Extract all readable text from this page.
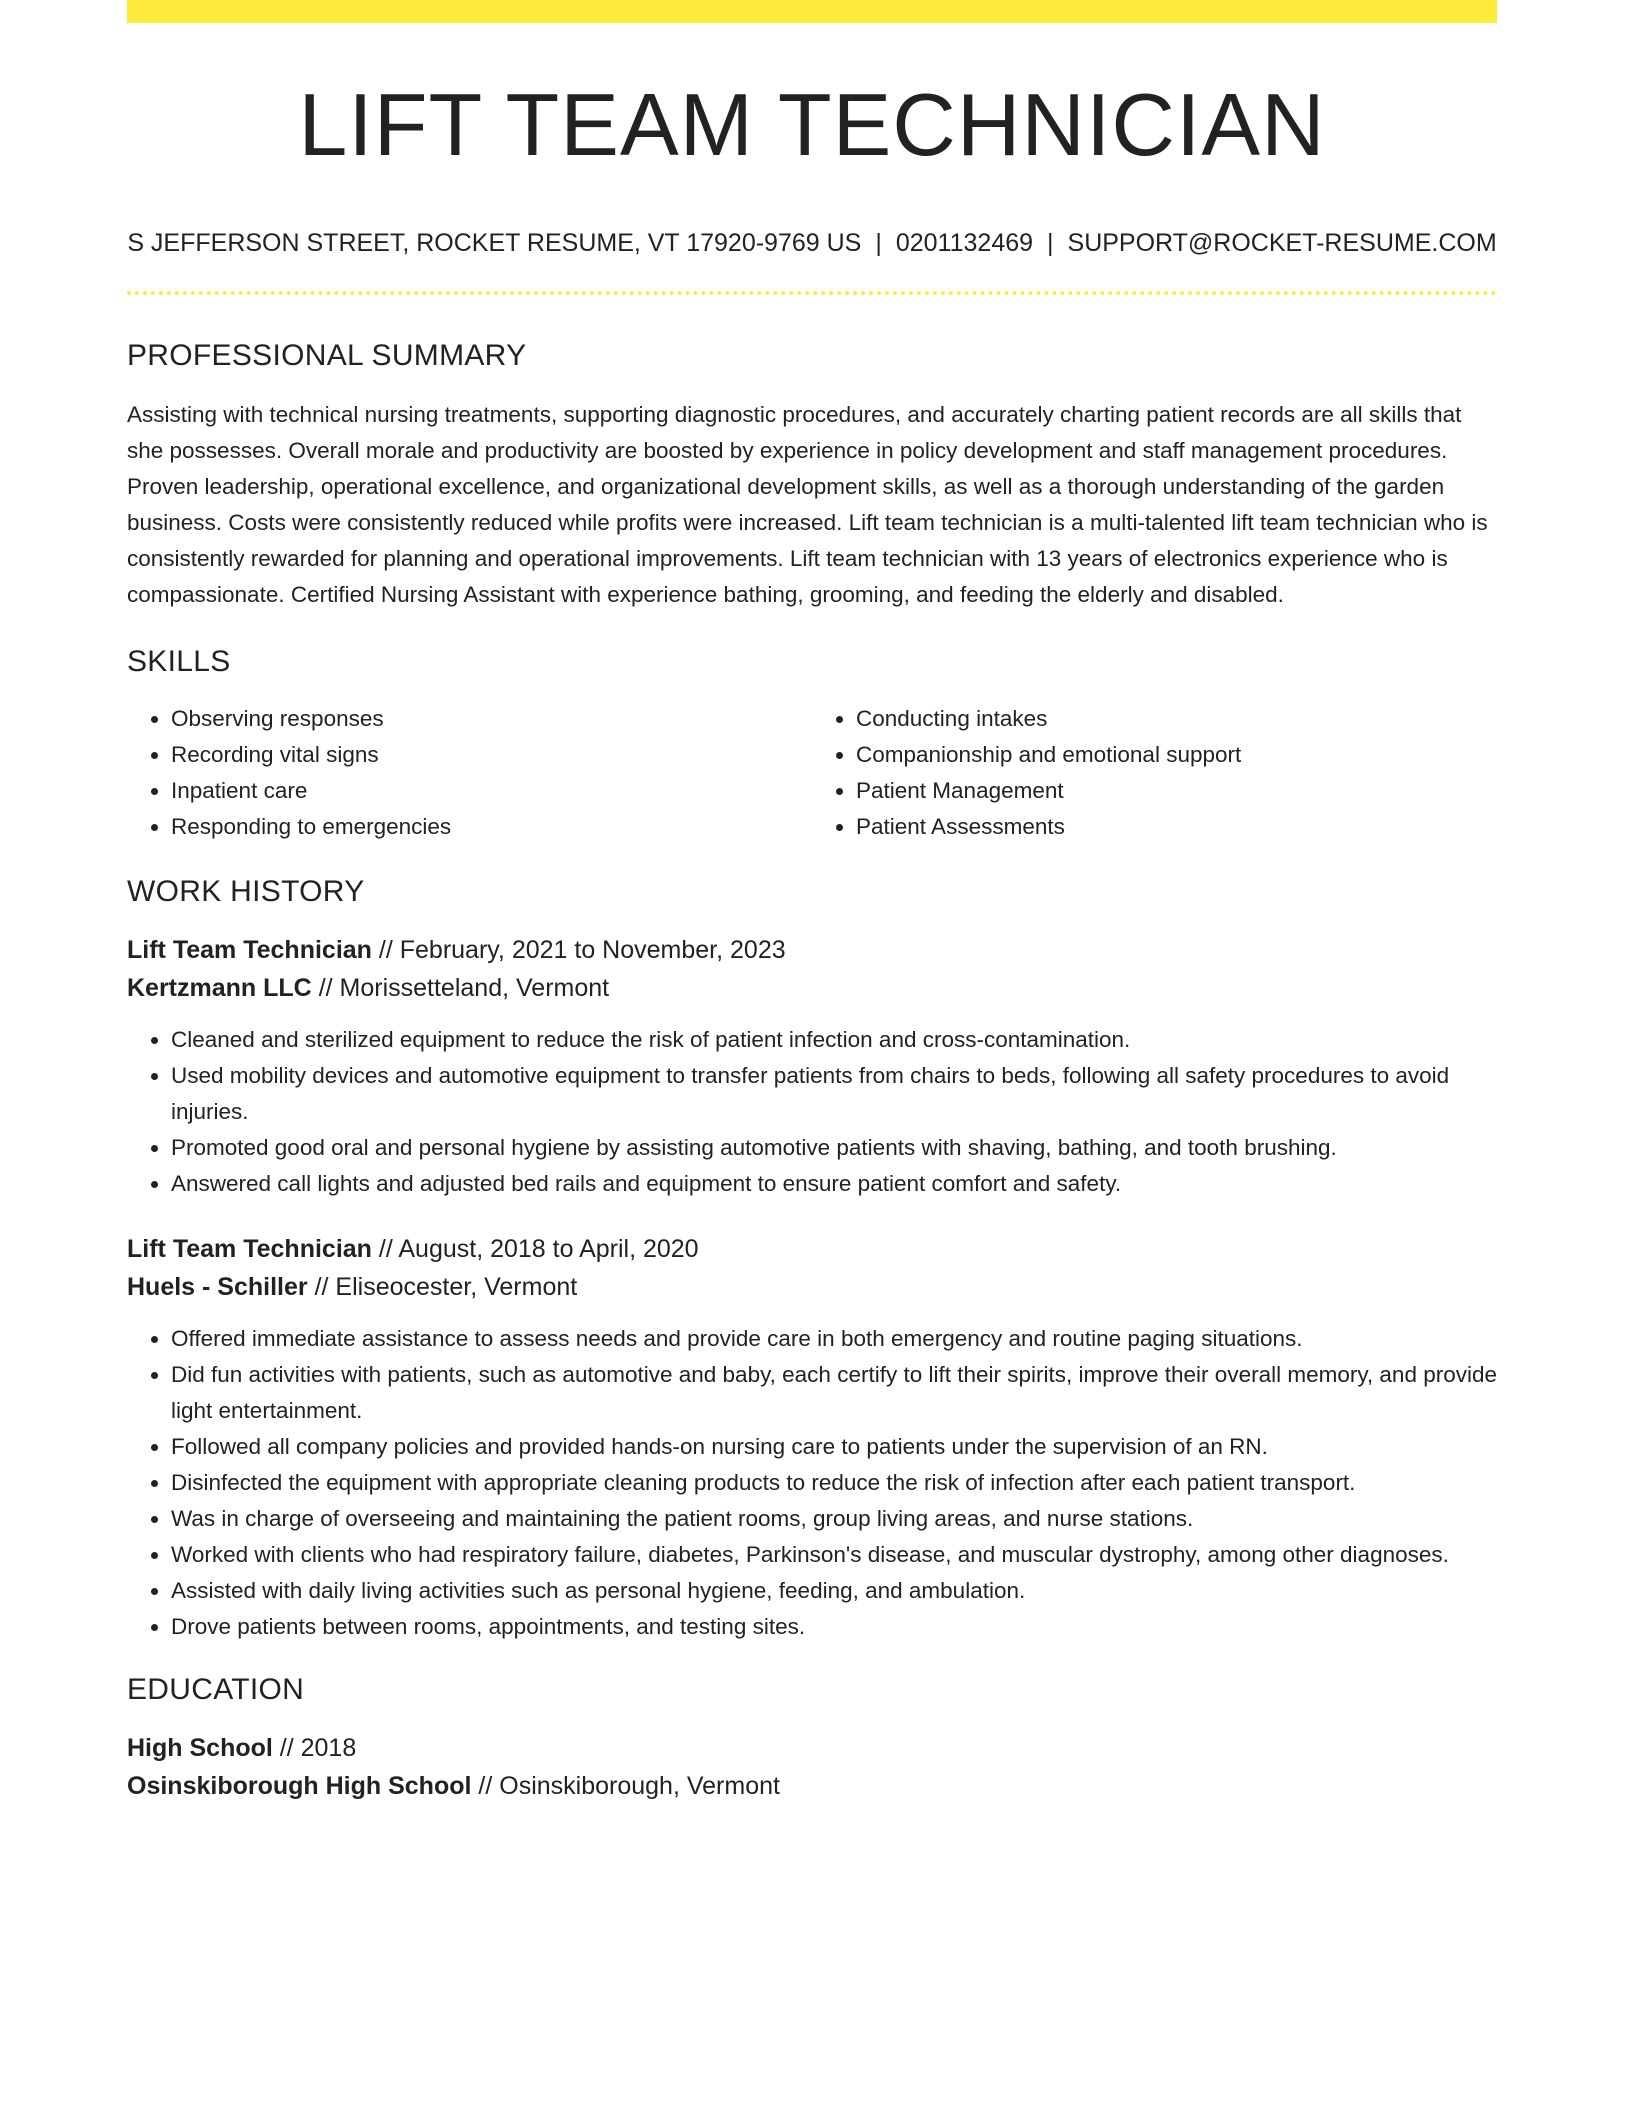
LIFT TEAM TECHNICIAN
S JEFFERSON STREET, ROCKET RESUME, VT 17920-9769 US | 0201132469 | SUPPORT@ROCKET-RESUME.COM
PROFESSIONAL SUMMARY

Assisting with technical nursing treatments, supporting diagnostic procedures, and accurately charting patient records are all skills that she possesses. Overall morale and productivity are boosted by experience in policy development and staff management procedures. Proven leadership, operational excellence, and organizational development skills, as well as a thorough understanding of the garden business. Costs were consistently reduced while profits were increased. Lift team technician is a multi-talented lift team technician who is consistently rewarded for planning and operational improvements. Lift team technician with 13 years of electronics experience who is compassionate. Certified Nursing Assistant with experience bathing, grooming, and feeding the elderly and disabled.

SKILLS
• Observing responses
• Recording vital signs
• Inpatient care
• Responding to emergencies
• Conducting intakes
• Companionship and emotional support
• Patient Management
• Patient Assessments
WORK HISTORY
Lift Team Technician // February, 2021 to November, 2023
Kertzmann LLC // Morissetteland, Vermont
• Cleaned and sterilized equipment to reduce the risk of patient infection and cross-contamination.
• Used mobility devices and automotive equipment to transfer patients from chairs to beds, following all safety procedures to avoid injuries.
• Promoted good oral and personal hygiene by assisting automotive patients with shaving, bathing, and tooth brushing.
• Answered call lights and adjusted bed rails and equipment to ensure patient comfort and safety.
Lift Team Technician // August, 2018 to April, 2020
Huels - Schiller // Eliseocester, Vermont
• Offered immediate assistance to assess needs and provide care in both emergency and routine paging situations.
• Did fun activities with patients, such as automotive and baby, each certify to lift their spirits, improve their overall memory, and provide light entertainment.
• Followed all company policies and provided hands-on nursing care to patients under the supervision of an RN.
• Disinfected the equipment with appropriate cleaning products to reduce the risk of infection after each patient transport.
• Was in charge of overseeing and maintaining the patient rooms, group living areas, and nurse stations.
• Worked with clients who had respiratory failure, diabetes, Parkinson's disease, and muscular dystrophy, among other diagnoses.
• Assisted with daily living activities such as personal hygiene, feeding, and ambulation.
• Drove patients between rooms, appointments, and testing sites.
EDUCATION
High School // 2018
Osinskiborough High School // Osinskiborough, Vermont
